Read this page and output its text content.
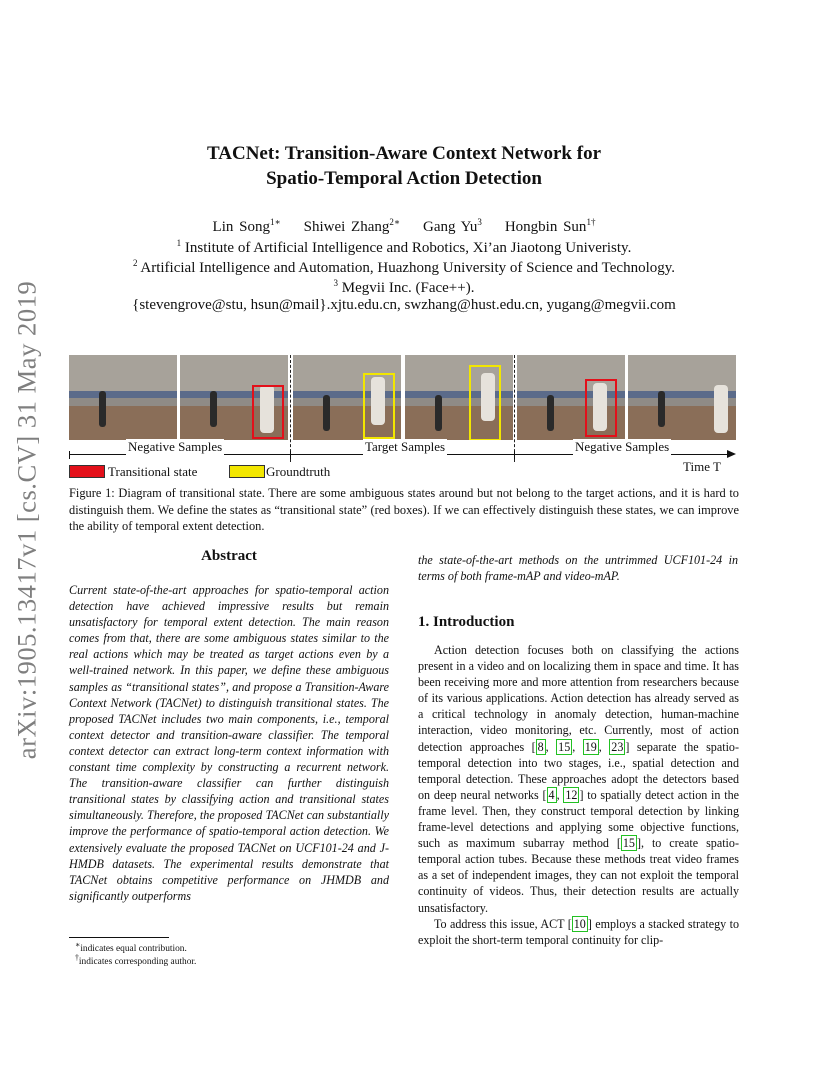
arXiv:1905.13417v1 [cs.CV] 31 May 2019
TACNet: Transition-Aware Context Network for
Spatio-Temporal Action Detection
Lin Song$^{1∗}$ Shiwei Zhang$^{2∗}$ Gang Yu$^3$ Hongbin Sun$^{1\dagger}$
$^1$ Institute of Artificial Intelligence and Robotics, Xi’an Jiaotong Univeristy.
$^2$ Artificial Intelligence and Automation, Huazhong University of Science and Technology.
$^3$ Megvii Inc. (Face++).
{stevengrove@stu, hsun@mail}.xjtu.edu.cn, swzhang@hust.edu.cn, yugang@megvii.com
Negative Samples	Target Samples	Negative Samples
Transitional state	Groundtruth	Time T
Figure 1: Diagram of transitional state. There are some ambiguous states around but not belong to the target actions, and it is hard to distinguish them. We define the states as “transitional state” (red boxes). If we can effectively distinguish these states, we can improve the ability of temporal extent detection.
Abstract
Current state-of-the-art approaches for spatio-temporal action detection have achieved impressive results but remain unsatisfactory for temporal extent detection. The main reason comes from that, there are some ambiguous states similar to the real actions which may be treated as target actions even by a well-trained network. In this paper, we define these ambiguous samples as “transitional states”, and propose a Transition-Aware Context Network (TACNet) to distinguish transitional states. The proposed TACNet includes two main components, i.e., temporal context detector and transition-aware classifier. The temporal context detector can extract long-term context information with constant time complexity by constructing a recurrent network. The transition-aware classifier can further distinguish transitional states by classifying action and transitional states simultaneously. Therefore, the proposed TACNet can substantially improve the performance of spatio-temporal action detection. We extensively evaluate the proposed TACNet on UCF101-24 and J-HMDB datasets. The experimental results demonstrate that TACNet obtains competitive performance on JHMDB and significantly outperforms
the state-of-the-art methods on the untrimmed UCF101-24 in terms of both frame-mAP and video-mAP.
1. Introduction

Action detection focuses both on classifying the actions present in a video and on localizing them in space and time. It has been receiving more and more attention from researchers because of its various applications. Action detection has already served as a critical technology in anomaly detection, human-machine interaction, video monitoring, etc. Currently, most of action detection approaches [ 8 , 15 , 19 , 23 ] separate the spatio-temporal detection into two stages, i.e., spatial detection and temporal detection. These approaches adopt the detectors based on deep neural networks [ 4 , 12 ] to spatially detect action in the frame level. Then, they construct temporal detection by linking frame-level detections and applying some objective functions, such as maximum subarray method [ 15 ], to create spatio-temporal action tubes. Because these methods treat video frames as a set of independent images, they can not exploit the temporal continuity of videos. Thus, their detection results are actually unsatisfactory.

To address this issue, ACT [ 10 ] employs a stacked strategy to exploit the short-term temporal continuity for clip-

∗indicates equal contribution.
†indicates corresponding author.
